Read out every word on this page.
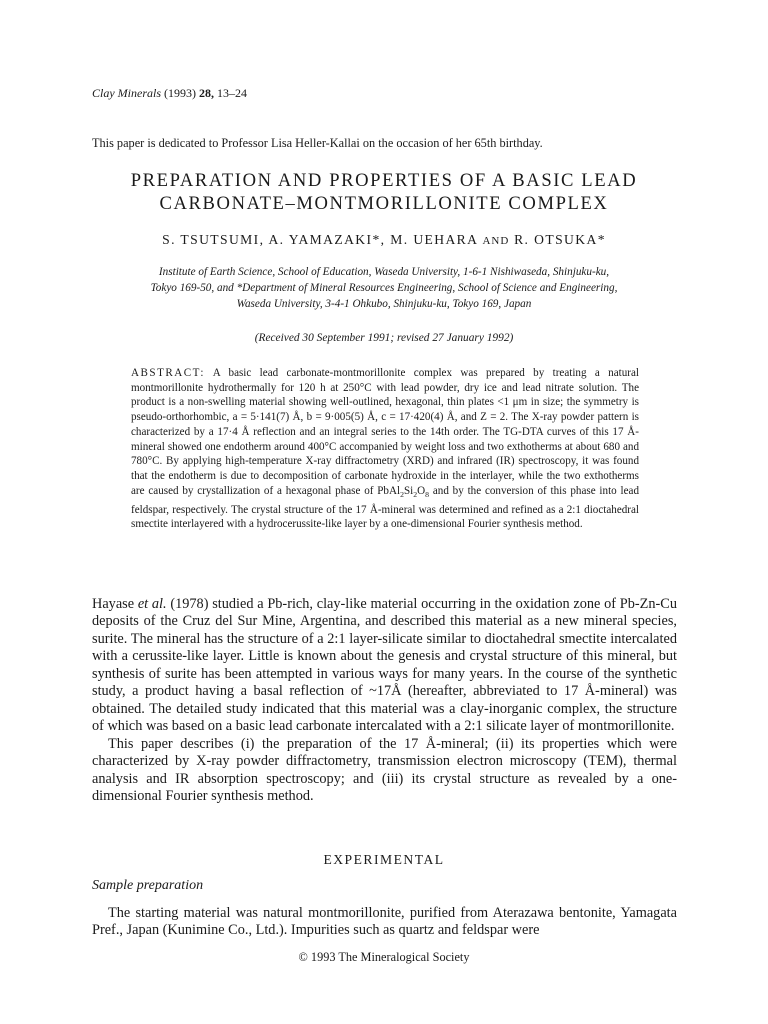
Clay Minerals (1993) 28, 13–24
This paper is dedicated to Professor Lisa Heller-Kallai on the occasion of her 65th birthday.
PREPARATION AND PROPERTIES OF A BASIC LEAD
CARBONATE–MONTMORILLONITE COMPLEX
S. TSUTSUMI, A. YAMAZAKI*, M. UEHARA AND R. OTSUKA*
Institute of Earth Science, School of Education, Waseda University, 1-6-1 Nishiwaseda, Shinjuku-ku,
Tokyo 169-50, and *Department of Mineral Resources Engineering, School of Science and Engineering,
Waseda University, 3-4-1 Ohkubo, Shinjuku-ku, Tokyo 169, Japan
(Received 30 September 1991; revised 27 January 1992)
ABSTRACT: A basic lead carbonate-montmorillonite complex was prepared by treating a natural montmorillonite hydrothermally for 120 h at 250°C with lead powder, dry ice and lead nitrate solution. The product is a non-swelling material showing well-outlined, hexagonal, thin plates <1 μm in size; the symmetry is pseudo-orthorhombic, a = 5·141(7) Å, b = 9·005(5) Å, c = 17·420(4) Å, and Z = 2. The X-ray powder pattern is characterized by a 17·4 Å reflection and an integral series to the 14th order. The TG-DTA curves of this 17 Å-mineral showed one endotherm around 400°C accompanied by weight loss and two exthotherms at about 680 and 780°C. By applying high-temperature X-ray diffractometry (XRD) and infrared (IR) spectroscopy, it was found that the endotherm is due to decomposition of carbonate hydroxide in the interlayer, while the two exthotherms are caused by crystallization of a hexagonal phase of $PbAl_2Si_2O_8$ and by the conversion of this phase into lead feldspar, respectively. The crystal structure of the 17 Å-mineral was determined and refined as a 2:1 dioctahedral smectite interlayered with a hydrocerussite-like layer by a one-dimensional Fourier synthesis method.

Hayase et al. (1978) studied a Pb-rich, clay-like material occurring in the oxidation zone of Pb-Zn-Cu deposits of the Cruz del Sur Mine, Argentina, and described this material as a new mineral species, surite. The mineral has the structure of a 2:1 layer-silicate similar to dioctahedral smectite intercalated with a cerussite-like layer. Little is known about the genesis and crystal structure of this mineral, but synthesis of surite has been attempted in various ways for many years. In the course of the synthetic study, a product having a basal reflection of ~17Å (hereafter, abbreviated to 17 Å-mineral) was obtained. The detailed study indicated that this material was a clay-inorganic complex, the structure of which was based on a basic lead carbonate intercalated with a 2:1 silicate layer of montmorillonite.

This paper describes (i) the preparation of the 17 Å-mineral; (ii) its properties which were characterized by X-ray powder diffractometry, transmission electron microscopy (TEM), thermal analysis and IR absorption spectroscopy; and (iii) its crystal structure as revealed by a one-dimensional Fourier synthesis method.

EXPERIMENTAL
Sample preparation

The starting material was natural montmorillonite, purified from Aterazawa bentonite, Yamagata Pref., Japan (Kunimine Co., Ltd.). Impurities such as quartz and feldspar were

© 1993 The Mineralogical Society
